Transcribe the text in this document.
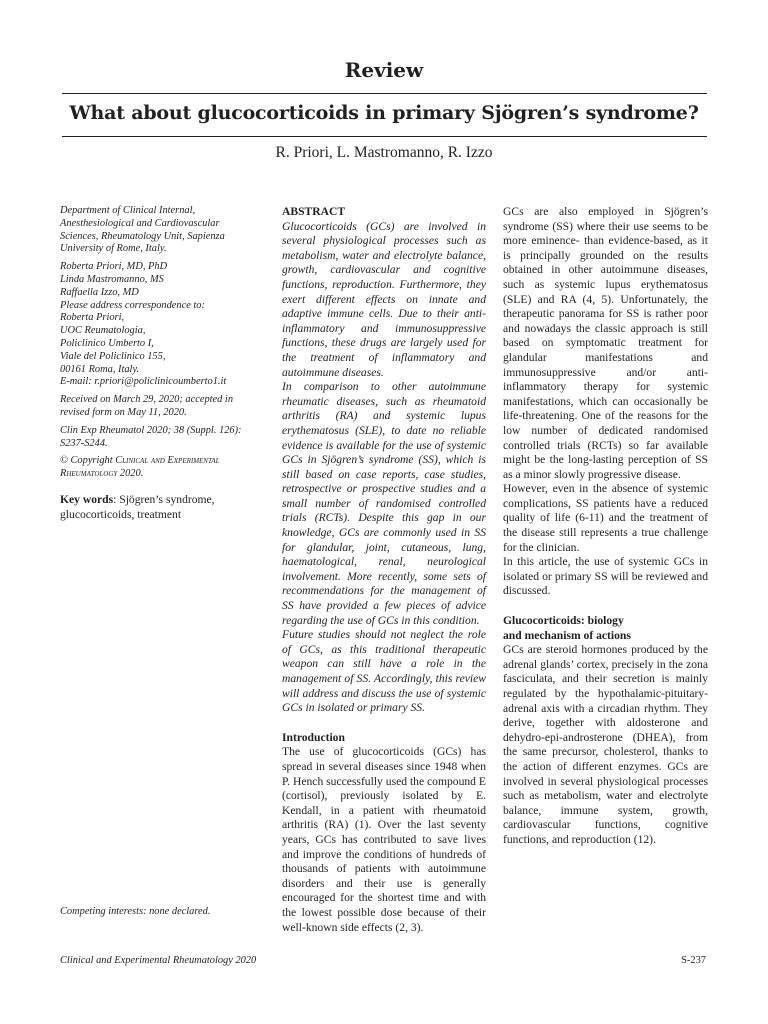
Review
What about glucocorticoids in primary Sjögren’s syndrome?
R. Priori, L. Mastromanno, R. Izzo

Department of Clinical Internal, Anesthesiological and Cardiovascular Sciences, Rheumatology Unit, Sapienza University of Rome, Italy.

Roberta Priori, MD, PhD

Linda Mastromanno, MS

Raffaella Izzo, MD

Please address correspondence to:

Roberta Priori,

UOC Reumatologia,

Policlinico Umberto I,

Viale del Policlinico 155,

00161 Roma, Italy.

E-mail: r.priori@policlinicoumberto1.it

Received on March 29, 2020; accepted in revised form on May 11, 2020.

Clin Exp Rheumatol 2020; 38 (Suppl. 126): S237-S244.

© Copyright Clinical and Experimental Rheumatology 2020.

Key words: Sjögren’s syndrome, glucocorticoids, treatment

Competing interests: none declared.

ABSTRACT

Glucocorticoids (GCs) are involved in several physiological processes such as metabolism, water and electrolyte balance, growth, cardiovascular and cognitive functions, reproduction. Furthermore, they exert different effects on innate and adaptive immune cells. Due to their anti-inflammatory and immunosuppressive functions, these drugs are largely used for the treatment of inflammatory and autoimmune diseases.

In comparison to other autoimmune rheumatic diseases, such as rheumatoid arthritis (RA) and systemic lupus erythematosus (SLE), to date no reliable evidence is available for the use of systemic GCs in Sjögren’s syndrome (SS), which is still based on case reports, case studies, retrospective or prospective studies and a small number of randomised controlled trials (RCTs). Despite this gap in our knowledge, GCs are commonly used in SS for glandular, joint, cutaneous, lung, haematological, renal, neurological involvement. More recently, some sets of recommendations for the management of SS have provided a few pieces of advice regarding the use of GCs in this condition.

Future studies should not neglect the role of GCs, as this traditional therapeutic weapon can still have a role in the management of SS. Accordingly, this review will address and discuss the use of systemic GCs in isolated or primary SS.

Introduction

The use of glucocorticoids (GCs) has spread in several diseases since 1948 when P. Hench successfully used the compound E (cortisol), previously isolated by E. Kendall, in a patient with rheumatoid arthritis (RA) (1). Over the last seventy years, GCs has contributed to save lives and improve the conditions of hundreds of thousands of patients with autoimmune disorders and their use is generally encouraged for the shortest time and with the lowest possible dose because of their well-known side effects (2, 3).

GCs are also employed in Sjögren’s syndrome (SS) where their use seems to be more eminence- than evidence-based, as it is principally grounded on the results obtained in other autoimmune diseases, such as systemic lupus erythematosus (SLE) and RA (4, 5). Unfortunately, the therapeutic panorama for SS is rather poor and nowadays the classic approach is still based on symptomatic treatment for glandular manifestations and immunosuppressive and/or anti-inflammatory therapy for systemic manifestations, which can occasionally be life-threatening. One of the reasons for the low number of dedicated randomised controlled trials (RCTs) so far available might be the long-lasting perception of SS as a minor slowly progressive disease.

However, even in the absence of systemic complications, SS patients have a reduced quality of life (6-11) and the treatment of the disease still represents a true challenge for the clinician.

In this article, the use of systemic GCs in isolated or primary SS will be reviewed and discussed.

Glucocorticoids: biology

and mechanism of actions

GCs are steroid hormones produced by the adrenal glands’ cortex, precisely in the zona fasciculata, and their secretion is mainly regulated by the hypothalamic-pituitary-adrenal axis with a circadian rhythm. They derive, together with aldosterone and dehydro-epi-androsterone (DHEA), from the same precursor, cholesterol, thanks to the action of different enzymes. GCs are involved in several physiological processes such as metabolism, water and electrolyte balance, immune system, growth, cardiovascular functions, cognitive functions, and reproduction (12).

Clinical and Experimental Rheumatology 2020	S-237
